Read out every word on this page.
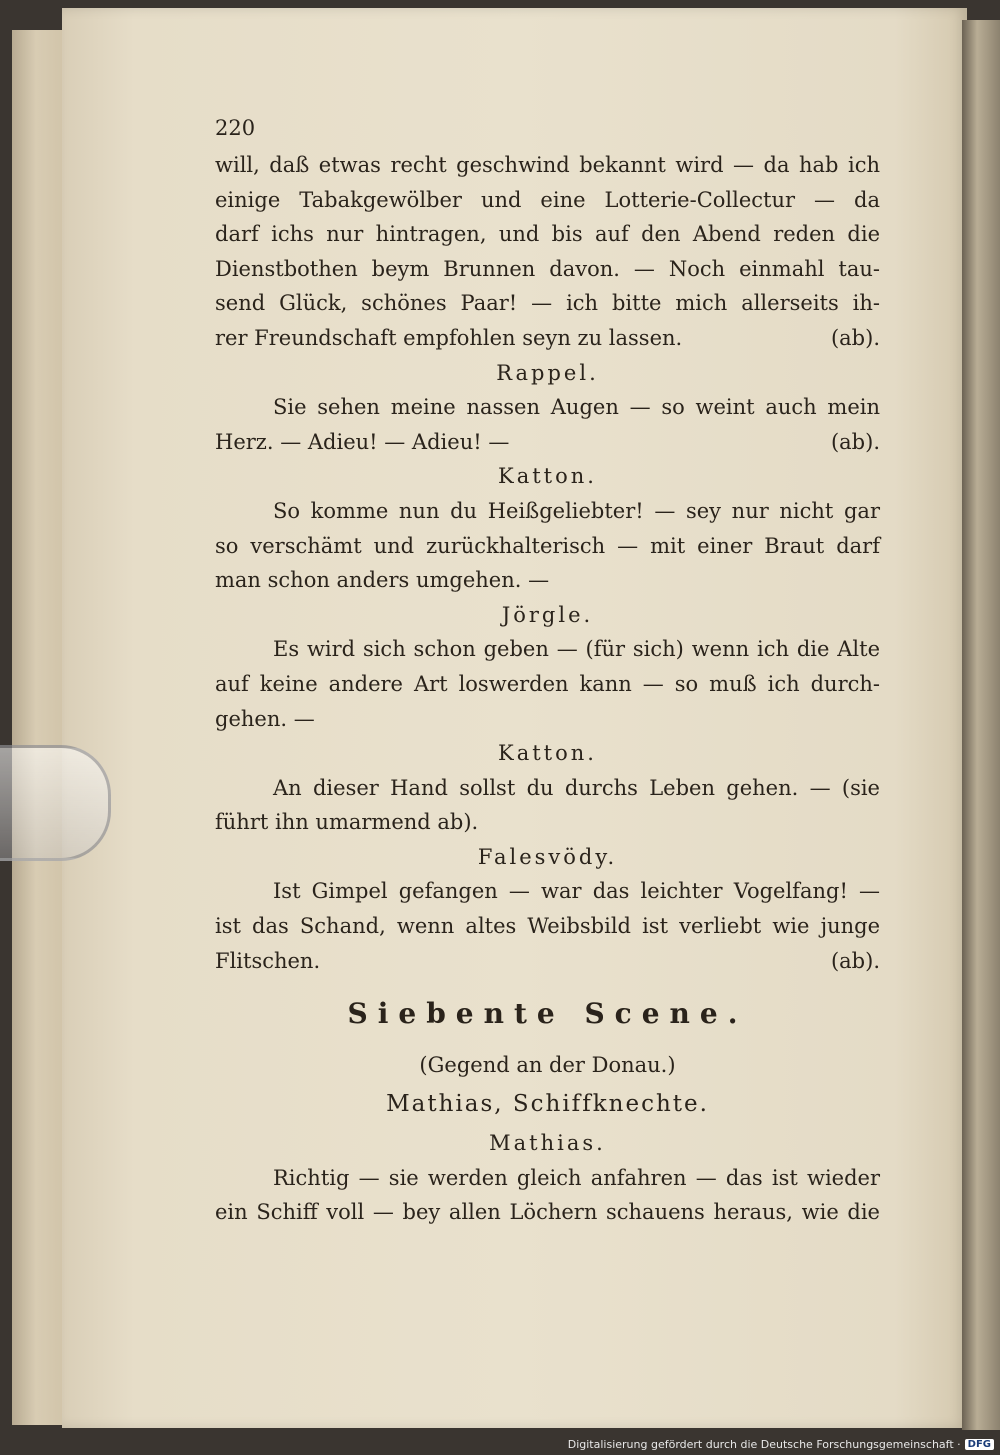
220
will, daß etwas recht geschwind bekannt wird — da hab ich
einige Tabakgewölber und eine Lotterie-Collectur — da
darf ichs nur hintragen, und bis auf den Abend reden die
Dienstbothen beym Brunnen davon. — Noch einmahl tau-
send Glück, schönes Paar! — ich bitte mich allerseits ih-
rer Freundschaft empfohlen seyn zu lassen.	(ab).
Rappel.
Sie sehen meine nassen Augen — so weint auch mein
Herz. — Adieu! — Adieu! —	(ab).
Katton.
So komme nun du Heißgeliebter! — sey nur nicht gar
so verschämt und zurückhalterisch — mit einer Braut darf
man schon anders umgehen. —
Jörgle.
Es wird sich schon geben — (für sich) wenn ich die Alte
auf keine andere Art loswerden kann — so muß ich durch-
gehen. —
Katton.
An dieser Hand sollst du durchs Leben gehen. — (sie
führt ihn umarmend ab).
Falesvödy.
Ist Gimpel gefangen — war das leichter Vogelfang! —
ist das Schand, wenn altes Weibsbild ist verliebt wie junge
Flitschen.	(ab).
Siebente Scene.
(Gegend an der Donau.)
Mathias, Schiffknechte.
Mathias.
Richtig — sie werden gleich anfahren — das ist wieder
ein Schiff voll — bey allen Löchern schauens heraus, wie die
Digitalisierung gefördert durch die Deutsche Forschungsgemeinschaft · DFG
